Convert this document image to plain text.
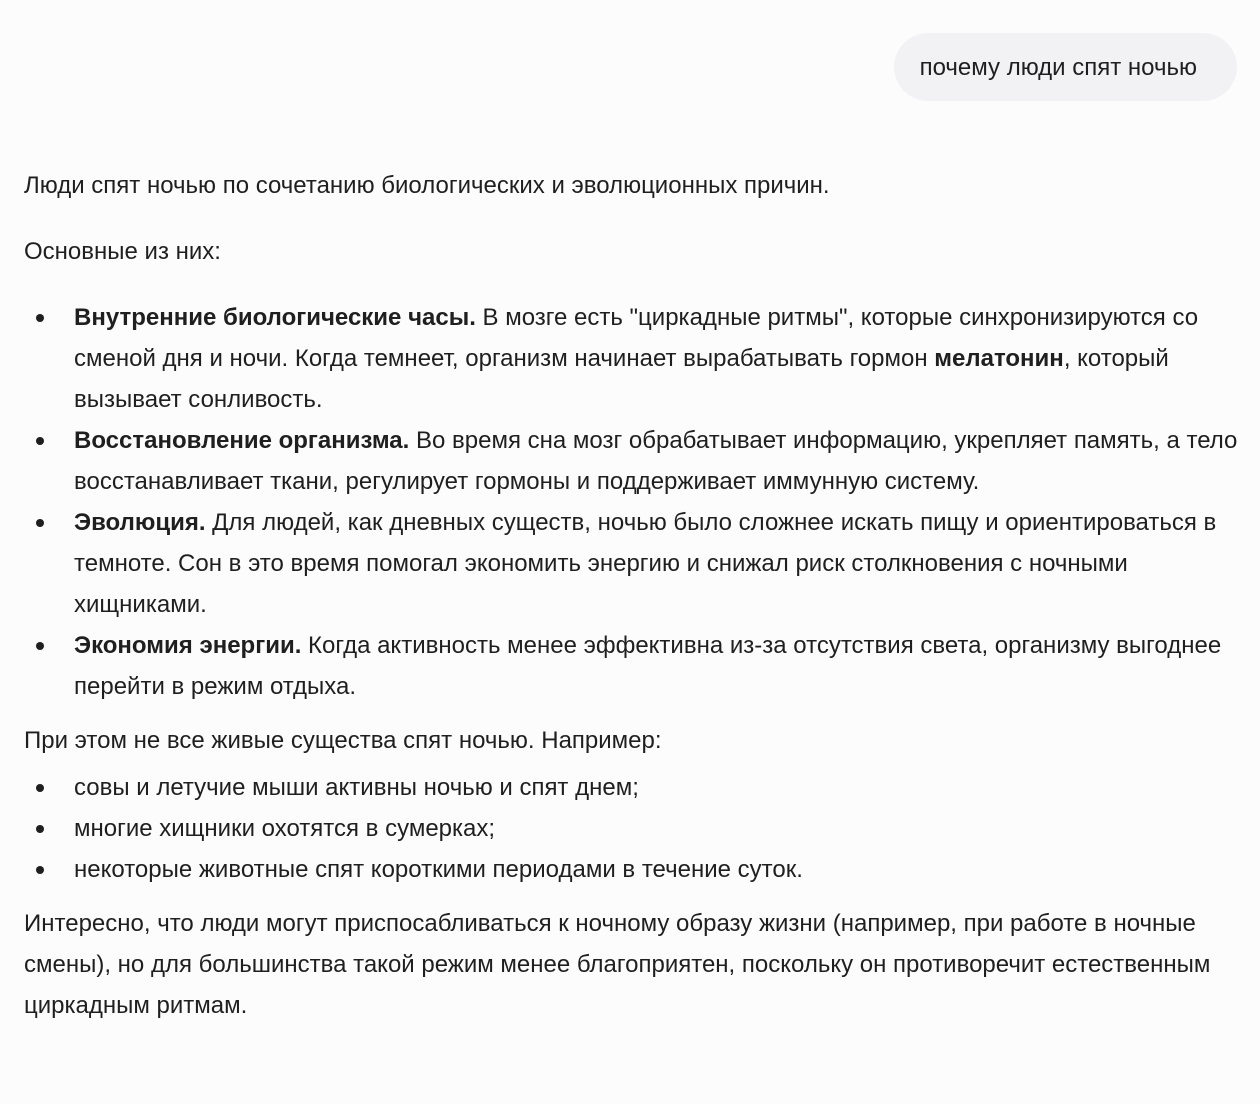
почему люди спят ночью

Люди спят ночью по сочетанию биологических и эволюционных причин.

Основные из них:

Внутренние биологические часы. В мозге есть "циркадные ритмы", которые синхронизируются со сменой дня и ночи. Когда темнеет, организм начинает вырабатывать гормон мелатонин, который вызывает сонливость.
Восстановление организма. Во время сна мозг обрабатывает информацию, укрепляет память, а тело восстанавливает ткани, регулирует гормоны и поддерживает иммунную систему.
Эволюция. Для людей, как дневных существ, ночью было сложнее искать пищу и ориентироваться в темноте. Сон в это время помогал экономить энергию и снижал риск столкновения с ночными хищниками.
Экономия энергии. Когда активность менее эффективна из-за отсутствия света, организму выгоднее перейти в режим отдыха.

При этом не все живые существа спят ночью. Например:

совы и летучие мыши активны ночью и спят днем;
многие хищники охотятся в сумерках;
некоторые животные спят короткими периодами в течение суток.

Интересно, что люди могут приспосабливаться к ночному образу жизни (например, при работе в ночные смены), но для большинства такой режим менее благоприятен, поскольку он противоречит естественным циркадным ритмам.
